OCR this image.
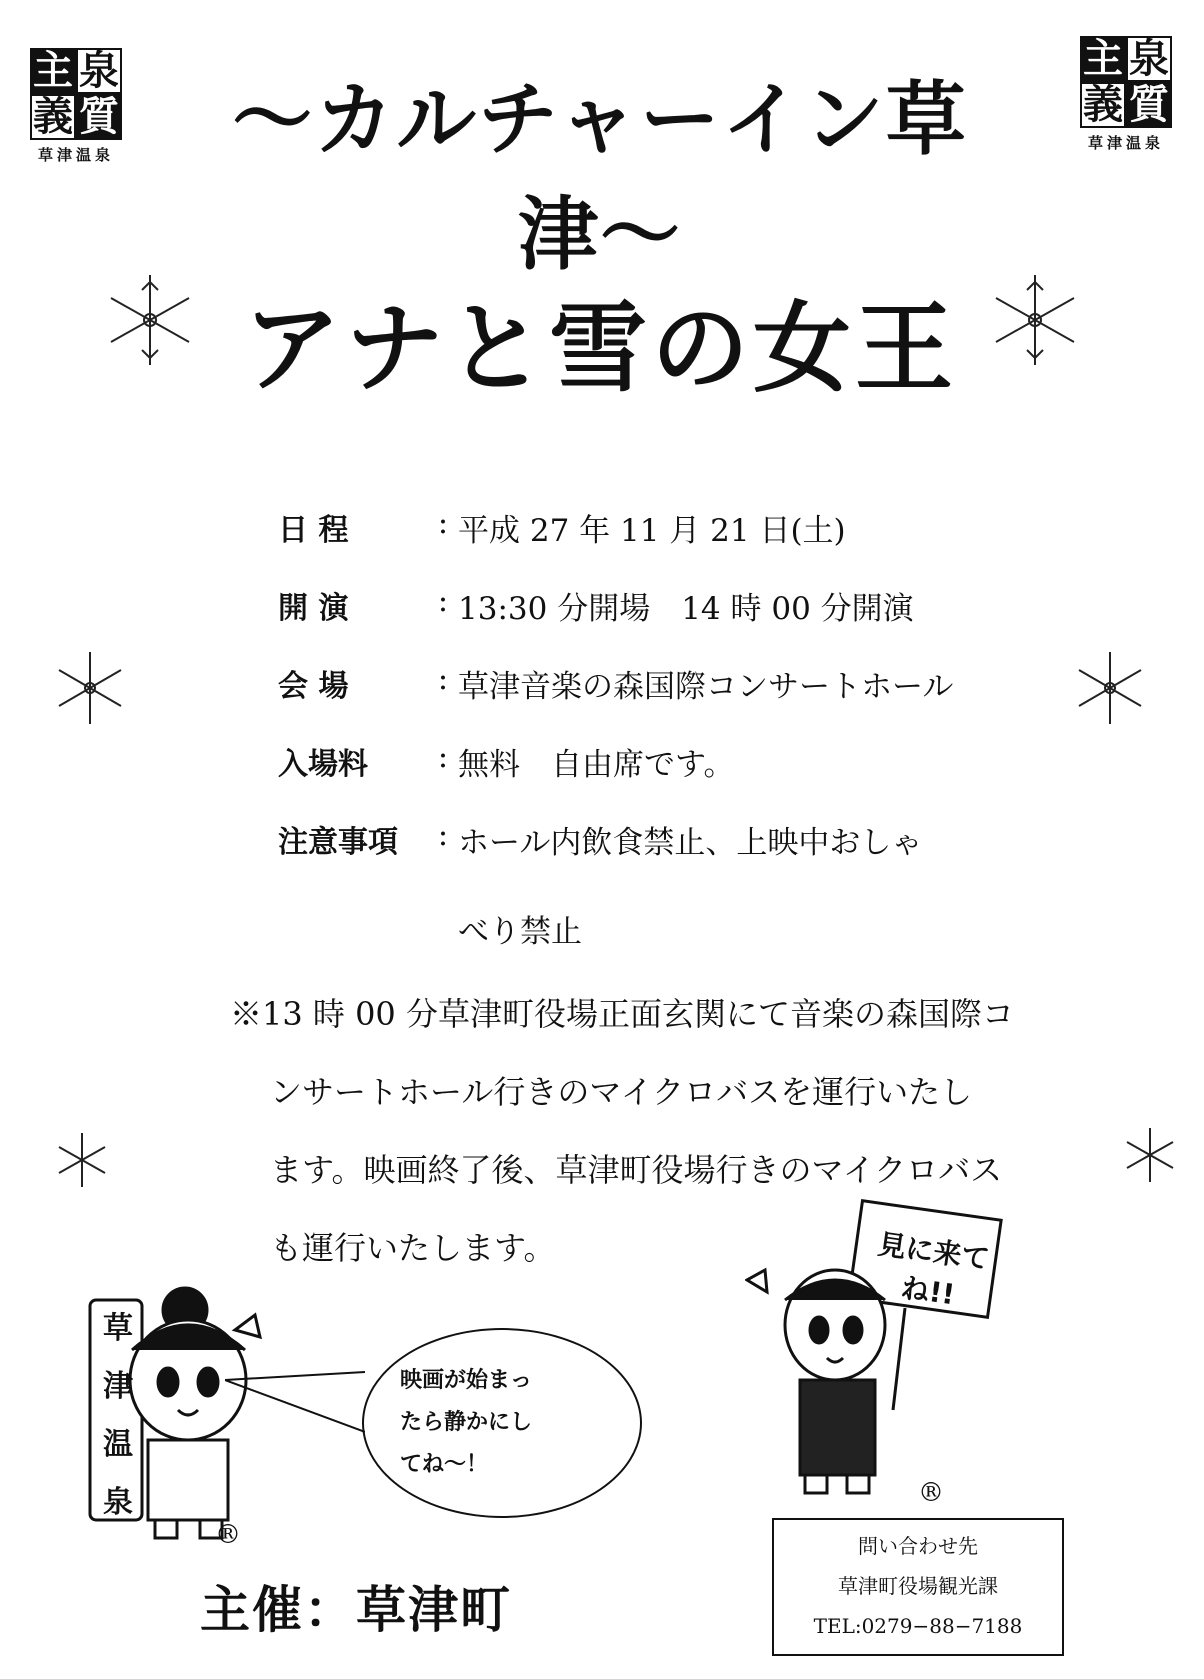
主 泉
義 質
草津温泉
主 泉
義 質
草津温泉
〜カルチャーイン草津〜
アナと雪の女王
日 程	: 平成 27 年 11 月 21 日(土)
開 演	: 13:30 分開場　14 時 00 分開演
会 場	: 草津音楽の森国際コンサートホール
入場料	: 無料　自由席です。
注意事項	: ホール内飲食禁止、上映中おしゃ
べり禁止
※13 時 00 分草津町役場正面玄関にて音楽の森国際コ
ンサートホール行きのマイクロバスを運行いたし
ます。映画終了後、草津町役場行きのマイクロバス
も運行いたします。
草津温泉
®
映画が始まっ
たら静かにし
てね〜！
見に来てね!!
®
主催：草津町
問い合わせ先
草津町役場観光課
TEL:0279−88−7188
